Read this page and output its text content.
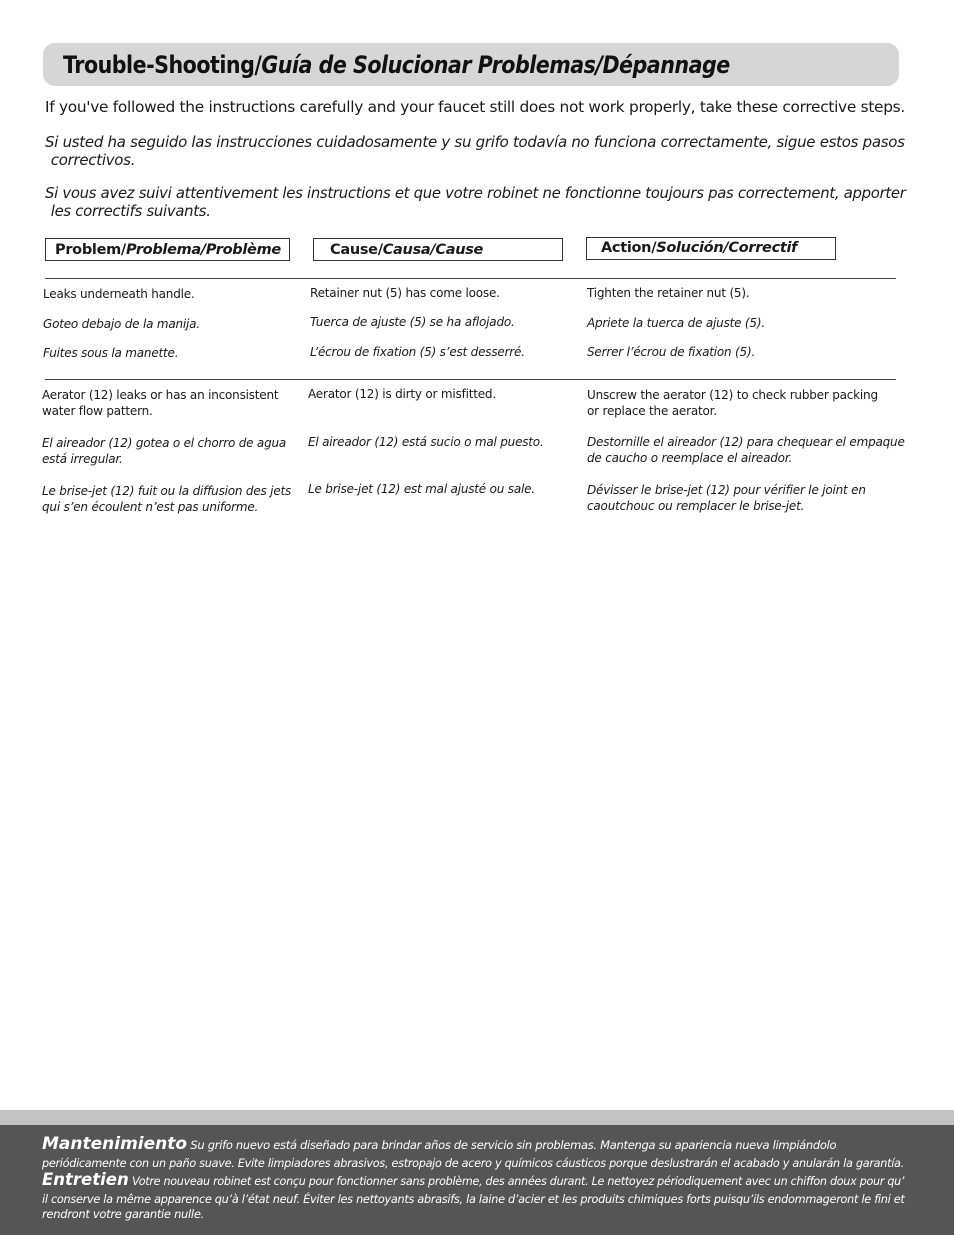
Trouble-Shooting/Guía de Solucionar Problemas/Dépannage

If you've followed the instructions carefully and your faucet still does not work properly, take these corrective steps.

Si usted ha seguido las instrucciones cuidadosamente y su grifo todavía no funciona correctamente, sigue estos pasos
correctivos.

Si vous avez suivi attentivement les instructions et que votre robinet ne fonctionne toujours pas correctement, apporter
les correctifs suivants.

Problem/Problema/Problème	Cause/Causa/Cause	Action/Solución/Correctif

Leaks underneath handle.

Goteo debajo de la manija.

Fuites sous la manette.

Retainer nut (5) has come loose.

Tuerca de ajuste (5) se ha aflojado.

L’écrou de fixation (5) s’est desserré.

Tighten the retainer nut (5).

Apriete la tuerca de ajuste (5).

Serrer l’écrou de fixation (5).

Aerator (12) leaks or has an inconsistent
water flow pattern.

El aireador (12) gotea o el chorro de agua
está irregular.

Le brise-jet (12) fuit ou la diffusion des jets
qui s’en écoulent n’est pas uniforme.

Aerator (12) is dirty or misfitted.

El aireador (12) está sucio o mal puesto.

Le brise-jet (12) est mal ajusté ou sale.

Unscrew the aerator (12) to check rubber packing
or replace the aerator.

Destornille el aireador (12) para chequear el empaque
de caucho o reemplace el aireador.

Dévisser le brise-jet (12) pour vérifier le joint en
caoutchouc ou remplacer le brise-jet.

Mantenimiento Su grifo nuevo está diseñado para brindar años de servicio sin problemas. Mantenga su apariencia nueva limpiándolo

periódicamente con un paño suave. Evite limpiadores abrasivos, estropajo de acero y químicos cáusticos porque deslustrarán el acabado y anularán la garantía.

Entretien Votre nouveau robinet est conçu pour fonctionner sans problème, des années durant. Le nettoyez périodiquement avec un chiffon doux pour qu’

il conserve la même apparence qu’à l’état neuf. Éviter les nettoyants abrasifs, la laine d’acier et les produits chimiques forts puisqu’ils endommageront le fini et

rendront votre garantie nulle.
